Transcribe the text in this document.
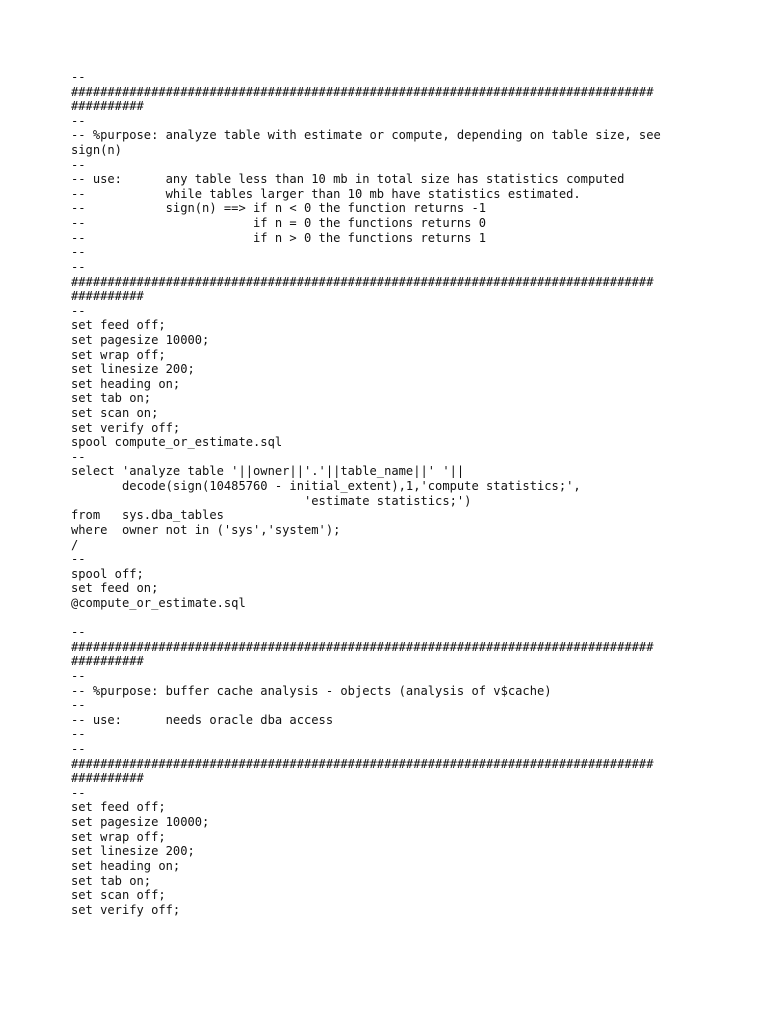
--
################################################################################
##########
--
-- %purpose: analyze table with estimate or compute, depending on table size, see
sign(n)
--
-- use:      any table less than 10 mb in total size has statistics computed
--           while tables larger than 10 mb have statistics estimated.
--           sign(n) ==> if n < 0 the function returns -1
--                       if n = 0 the functions returns 0
--                       if n > 0 the functions returns 1
--
--
################################################################################
##########
--
set feed off;
set pagesize 10000;
set wrap off;
set linesize 200;
set heading on;
set tab on;
set scan on;
set verify off;
spool compute_or_estimate.sql
--
select 'analyze table '||owner||'.'||table_name||' '||
decode(sign(10485760 - initial_extent),1,'compute statistics;',
'estimate statistics;')
from   sys.dba_tables
where  owner not in ('sys','system');
/
--
spool off;
set feed on;
@compute_or_estimate.sql
--
################################################################################
##########
--
-- %purpose: buffer cache analysis - objects (analysis of v$cache)
--
-- use:      needs oracle dba access
--
--
################################################################################
##########
--
set feed off;
set pagesize 10000;
set wrap off;
set linesize 200;
set heading on;
set tab on;
set scan off;
set verify off;
